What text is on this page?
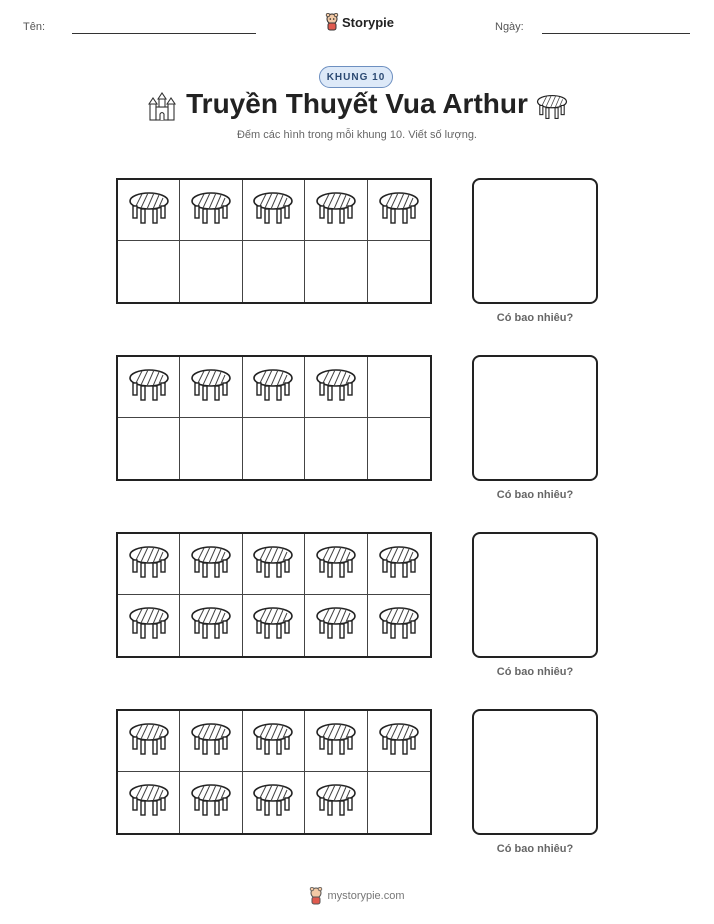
Tên:	Storypie	Ngày:
KHUNG 10
Truyền Thuyết Vua Arthur
Đếm các hình trong mỗi khung 10. Viết số lượng.
Có bao nhiêu?
Có bao nhiêu?
Có bao nhiêu?
Có bao nhiêu?
mystorypie.com
